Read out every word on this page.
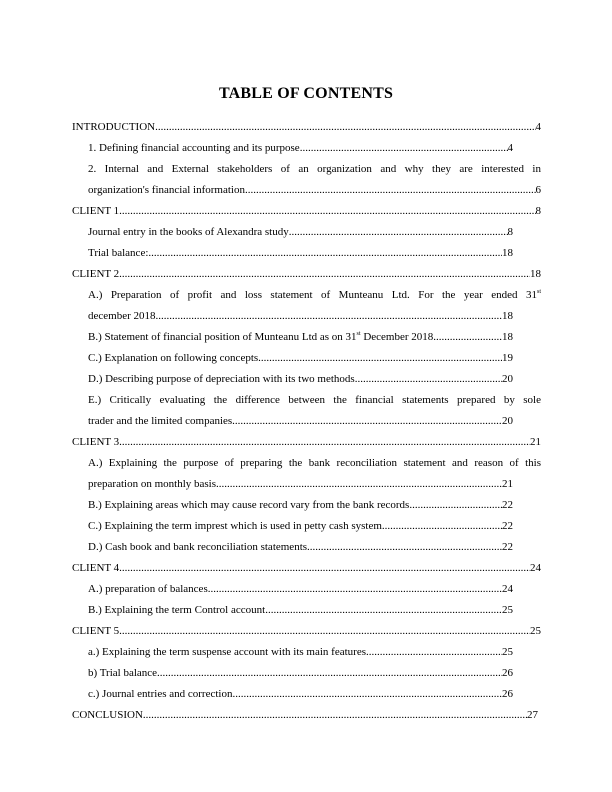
TABLE OF CONTENTS
INTRODUCTION .....	4
1. Defining financial accounting and its purpose .....	4
2. Internal and External stakeholders of an organization and why they are interested in
organization's financial information .....	6
CLIENT 1 .....	8
Journal entry in the books of Alexandra study .....	8
Trial balance: .....	18
CLIENT 2 .....	18
A.) Preparation of profit and loss statement of Munteanu Ltd. For the year ended 31st
december 2018 .....	18
B.) Statement of financial position of Munteanu Ltd as on 31st December 2018 .....	18
C.) Explanation on following concepts .....	19
D.) Describing purpose of depreciation with its two methods .....	20
E.) Critically evaluating the difference between the financial statements prepared by sole
trader and the limited companies .....	20
CLIENT 3 .....	21
A.) Explaining the purpose of preparing the bank reconciliation statement and reason of this
preparation on monthly basis .....	21
B.) Explaining areas which may cause record vary from the bank records .....	22
C.) Explaining the term imprest which is used in petty cash system .....	22
D.) Cash book and bank reconciliation statements .....	22
CLIENT 4 .....	24
A.) preparation of balances .....	24
B.) Explaining the term Control account .....	25
CLIENT 5 .....	25
a.) Explaining the term suspense account with its main features .....	25
b) Trial balance .....	26
c.) Journal entries and correction .....	26
CONCLUSION .....	27
